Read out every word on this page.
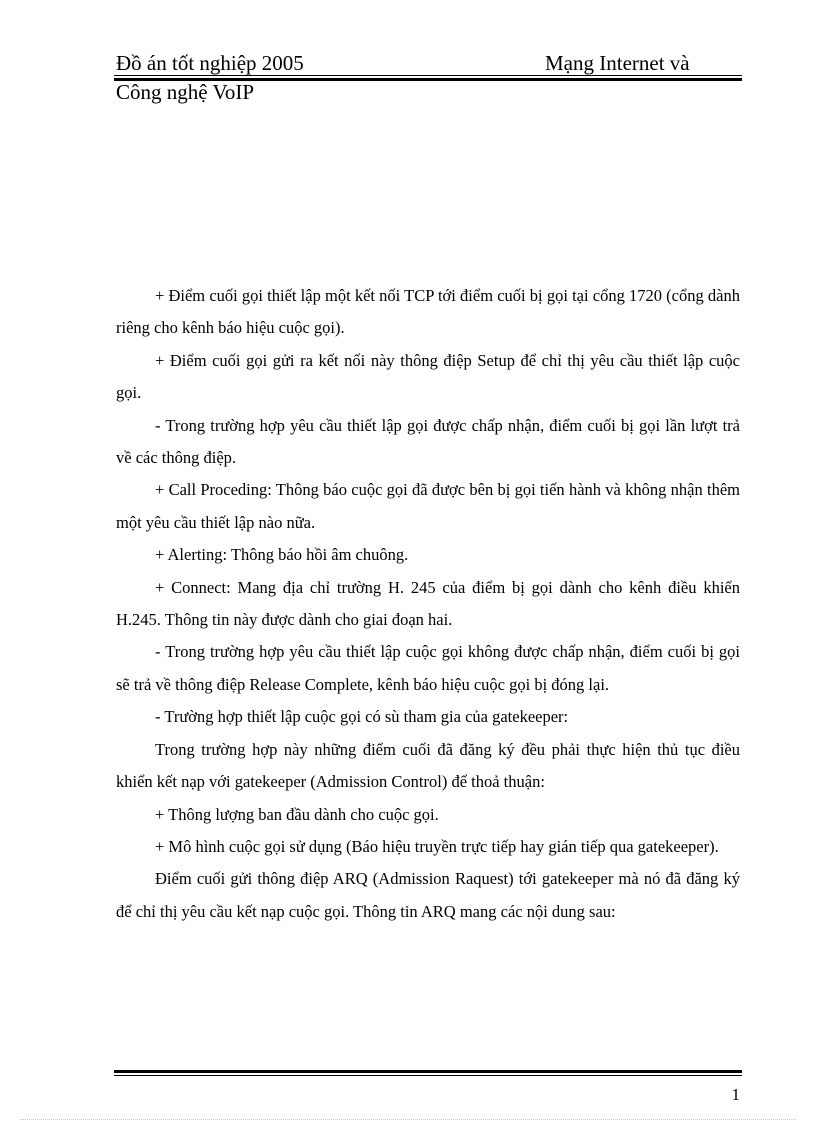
Đồ án tốt nghiệp 2005	Mạng Internet và
Công nghệ VoIP

+ Điểm cuối gọi thiết lập một kết nối TCP tới điểm cuối bị gọi tại cổng 1720 (cổng dành riêng cho kênh báo hiệu cuộc gọi).

+ Điểm cuối gọi gửi ra kết nối này thông điệp Setup để chỉ thị yêu cầu thiết lập cuộc gọi.

- Trong trường hợp yêu cầu thiết lập gọi được chấp nhận, điểm cuối bị gọi lần lượt trả về các thông điệp.

+ Call Proceding: Thông báo cuộc gọi đã được bên bị gọi tiến hành và không nhận thêm một yêu cầu thiết lập nào nữa.

+ Alerting: Thông báo hồi âm chuông.

+ Connect: Mang địa chỉ trường H. 245 của điểm bị gọi dành cho kênh điều khiển H.245. Thông tin này được dành cho giai đoạn hai.

- Trong trường hợp yêu cầu thiết lập cuộc gọi không được chấp nhận, điểm cuối bị gọi sẽ trả về thông điệp Release Complete, kênh báo hiệu cuộc gọi bị đóng lại.

- Trường hợp thiết lập cuộc gọi có sù tham gia của gatekeeper:

Trong trường hợp này những điểm cuối đã đăng ký đều phải thực hiện thủ tục điều khiển kết nạp với gatekeeper (Admission Control) để thoả thuận:

+ Thông lượng ban đầu dành cho cuộc gọi.

+ Mô hình cuộc gọi sử dụng (Báo hiệu truyền trực tiếp hay gián tiếp qua gatekeeper).

Điểm cuối gửi thông điệp ARQ (Admission Raquest) tới gatekeeper mà nó đã đăng ký để chỉ thị yêu cầu kết nạp cuộc gọi. Thông tin ARQ mang các nội dung sau:

1
